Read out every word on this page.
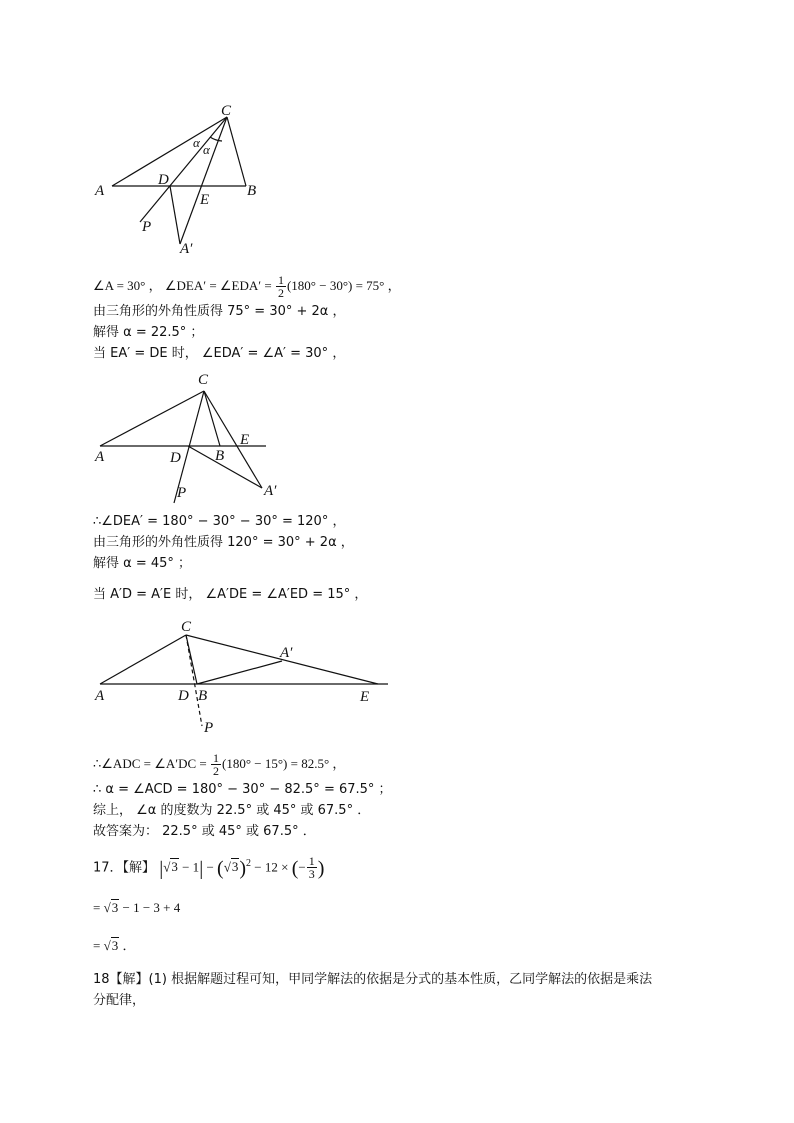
C
A	B
D
E
P
A′
α α
∠A = 30° ， ∠DEA′ = ∠EDA′ = $\frac{1}{2} (180^\circ - 30^\circ) = 75^\circ$ ，
由三角形的外角性质得 75° = 30° + 2α ，
解得 α = 22.5° ；
当 EA′ = DE 时， ∠EDA′ = ∠A′ = 30° ，
C
A	D B
E
P	A′
∴∠DEA′ = 180° − 30° − 30° = 120° ，
由三角形的外角性质得 120° = 30° + 2α ，
解得 α = 45° ；
当 A′D = A′E 时， ∠A′DE = ∠A′ED = 15° ，
C
A	D B
A′
E
P
∴∠ADC = ∠A′DC = $\frac{1}{2} (180^\circ - 15^\circ) = 82.5^\circ$ ，
∴ α = ∠ACD = 180° − 30° − 82.5° = 67.5° ；
综上， ∠α 的度数为 22.5° 或 45° 或 67.5° ．
故答案为： 22.5° 或 45° 或 67.5° ．
17．【解】 $|√3 - 1| - (√3)^2 - 12$ × (− $\frac{1}{3}$ )
= √3 − 1 − 3 + 4
= √3 ．
18【解】(1) 根据解题过程可知，甲同学解法的依据是分式的基本性质，乙同学解法的依据是乘法
分配律，
